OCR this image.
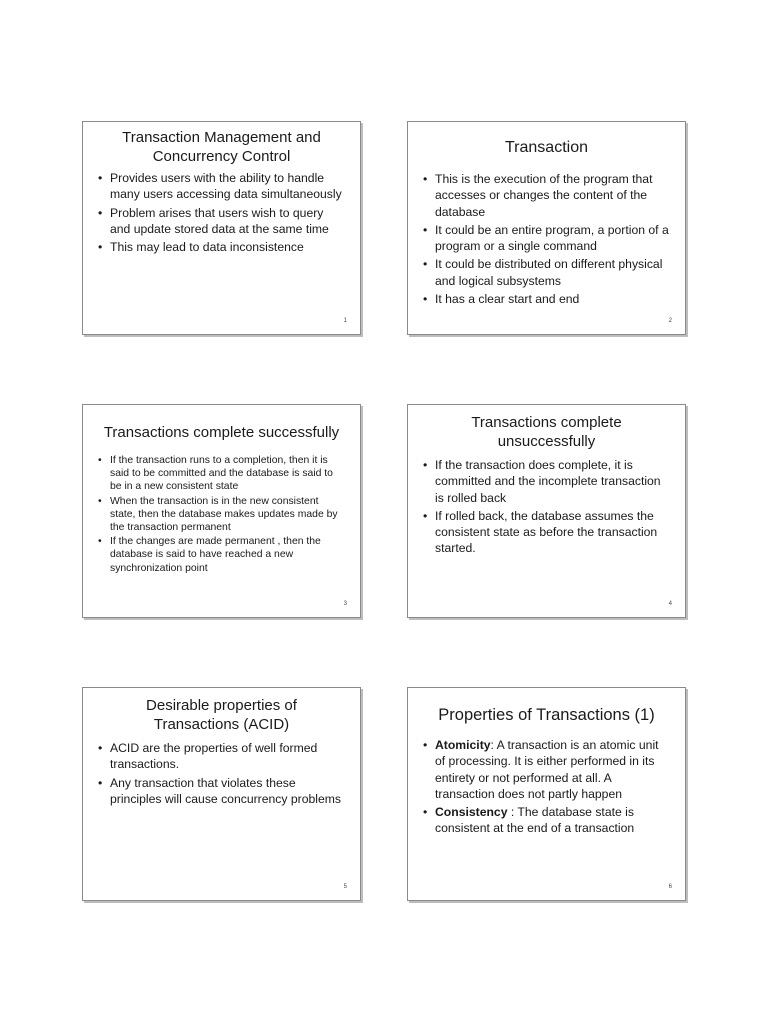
Transaction Management and Concurrency Control
• Provides users with the ability to handle many users accessing data simultaneously
• Problem arises that users wish to query and update stored data at the same time
• This may lead to data inconsistence
1
Transaction
• This is the execution of the program that accesses or changes the content of the database
• It could be an entire program, a portion of a program or a single command
• It could be distributed on different physical and logical subsystems
• It has a clear start and end
2
Transactions complete successfully
• If the transaction runs to a completion, then it is said to be committed and the database is said to be in a new consistent state
• When the transaction is in the new consistent state, then the database makes updates made by the transaction permanent
• If the changes are made permanent , then the database is said to have reached a new synchronization point
3
Transactions complete unsuccessfully
• If the transaction does complete, it is committed and the incomplete transaction is rolled back
• If rolled back, the database assumes the consistent state as before the transaction started.
4
Desirable properties of Transactions (ACID)
• ACID are the properties of well formed transactions.
• Any transaction that violates these principles will cause concurrency problems
5
Properties of Transactions (1)
• Atomicity: A transaction is an atomic unit of processing. It is either performed in its entirety or not performed at all. A transaction does not partly happen
• Consistency : The database state is consistent at the end of a transaction
6
